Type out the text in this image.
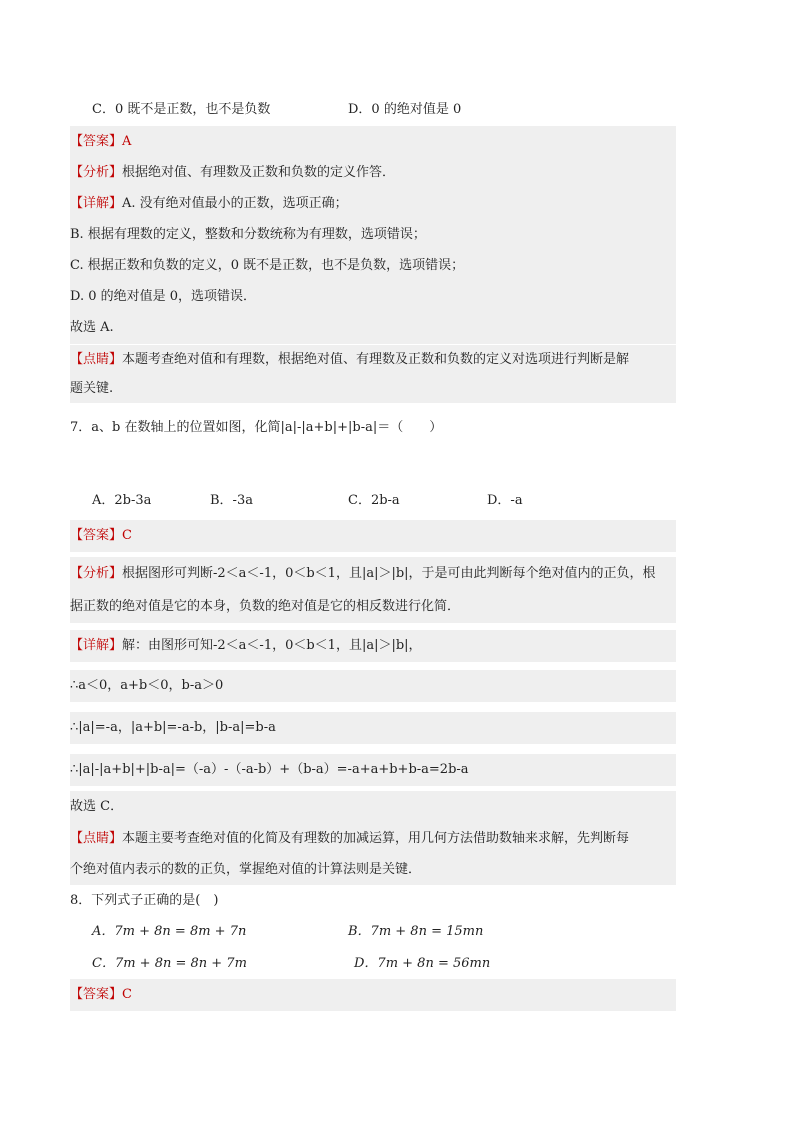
C．0 既不是正数，也不是负数	D．0 的绝对值是 0
【答案】A
【分析】根据绝对值、有理数及正数和负数的定义作答．
【详解】A. 没有绝对值最小的正数，选项正确；
B. 根据有理数的定义，整数和分数统称为有理数，选项错误；
C. 根据正数和负数的定义，0 既不是正数，也不是负数，选项错误；
D. 0 的绝对值是 0，选项错误．
故选 A.
【点睛】本题考查绝对值和有理数，根据绝对值、有理数及正数和负数的定义对选项进行判断是解
题关键.
7．a、b 在数轴上的位置如图，化简|a|-|a+b|+|b-a|＝（　　）
A．2b-3a	B．-3a	C．2b-a	D．-a
【答案】C
【分析】根据图形可判断-2＜a＜-1，0＜b＜1，且|a|＞|b|，于是可由此判断每个绝对值内的正负，根
据正数的绝对值是它的本身，负数的绝对值是它的相反数进行化简．
【详解】解：由图形可知-2＜a＜-1，0＜b＜1，且|a|＞|b|，
∴a＜0，a+b＜0，b-a＞0
∴|a|=-a，|a+b|=-a-b，|b-a|=b-a
∴|a|-|a+b|+|b-a|=（-a）-（-a-b）+（b-a）=-a+a+b+b-a=2b-a
故选 C．
【点睛】本题主要考查绝对值的化简及有理数的加减运算，用几何方法借助数轴来求解，先判断每
个绝对值内表示的数的正负，掌握绝对值的计算法则是关键．
8．下列式子正确的是(　)
A．7m + 8n = 8m + 7n	B．7m + 8n = 15mn
C．7m + 8n = 8n + 7m	D．7m + 8n = 56mn
【答案】C
